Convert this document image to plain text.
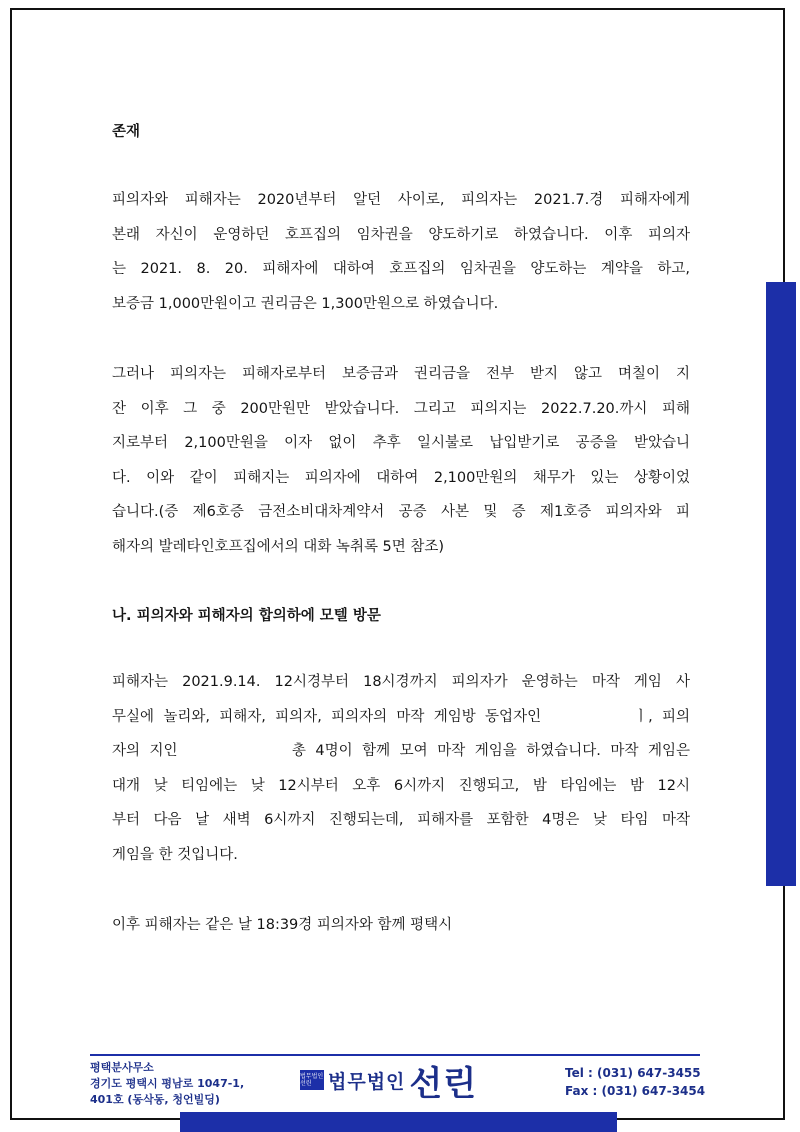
존재

피의자와 피해자는 2020년부터 알던 사이로, 피의자는 2021.7.경 피해자에게
본래 자신이 운영하던 호프집의 임차권을 양도하기로 하였습니다. 이후 피의자
는 2021. 8. 20. 피해자에 대하여 호프집의 임차권을 양도하는 계약을 하고,
보증금 1,000만원이고 권리금은 1,300만원으로 하였습니다.
그러나 피의자는 피해자로부터 보증금과 권리금을 전부 받지 않고 며칠이 지
잔 이후 그 중 200만원만 받았습니다. 그리고 피의지는 2022.7.20.까시 피해
지로부터 2,100만원을 이자 없이 추후 일시불로 납입받기로 공증을 받았습니
다. 이와 같이 피해지는 피의자에 대하여 2,100만원의 채무가 있는 상황이었
습니다.(증 제6호증 금전소비대차계약서 공증 사본 및 증 제1호증 피의자와 피
해자의 발레타인호프집에서의 대화 녹취록 5면 참조)

나. 피의자와 피해자의 합의하에 모텔 방문

피해자는 2021.9.14. 12시경부터 18시경까지 피의자가 운영하는 마작 게임 사
무실에 놀리와, 피해자, 피의자, 피의자의 마작 게임방 동업자인          ㅣ, 피의
자의 지인            총 4명이 함께 모여 마작 게임을 하였습니다. 마작 게임은
대개 낮 티임에는 낮 12시부터 오후 6시까지 진행되고, 밤 타임에는 밤 12시
부터 다음 날 새벽 6시까지 진행되는데, 피해자를 포함한 4명은 낮 타임 마작
게임을 한 것입니다.
이후 피해자는 같은 날 18:39경 피의자와 함께 평택시
평택분사무소
경기도 평택시 평남로 1047-1,
401호 (동삭동, 청언빌딩)
법무법인 선린 법무법인 선린	Tel : (031) 647-3455
Fax : (031) 647-3454
